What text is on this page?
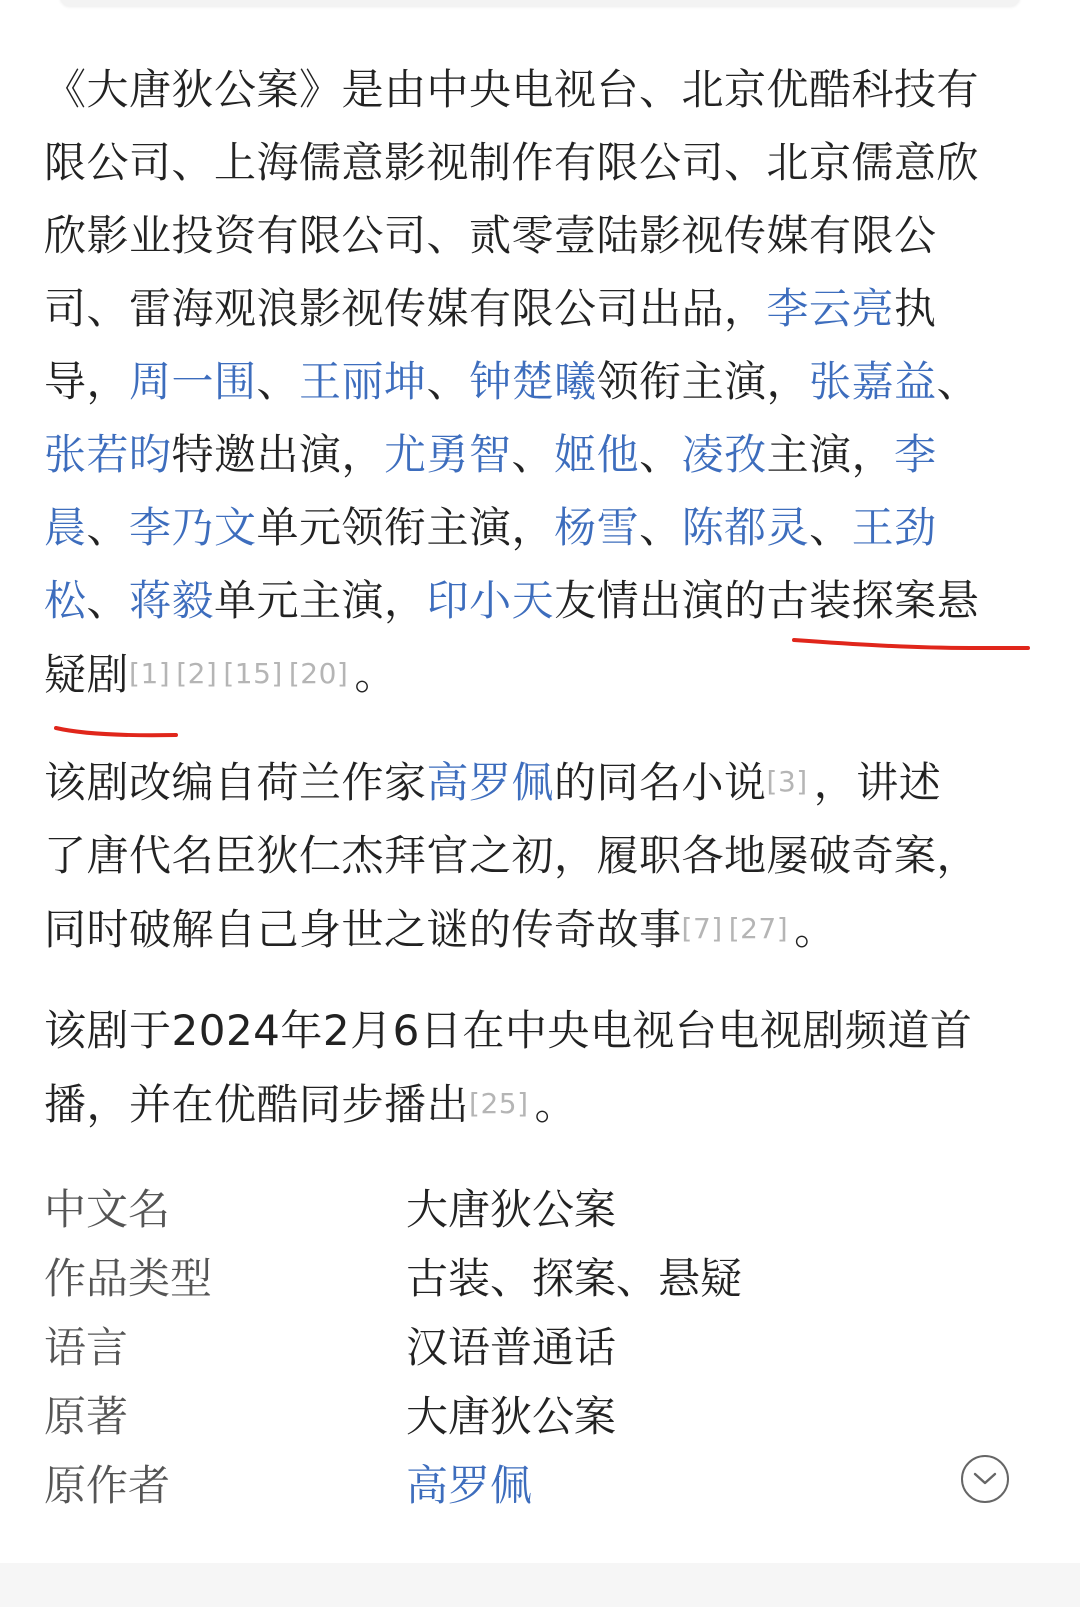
《大唐狄公案》是由中央电视台、北京优酷科技有
限公司、上海儒意影视制作有限公司、北京儒意欣
欣影业投资有限公司、贰零壹陆影视传媒有限公
司、雷海观浪影视传媒有限公司出品，李云亮执
导，周一围、王丽坤、钟楚曦领衔主演，张嘉益、
张若昀特邀出演，尤勇智、姬他、凌孜主演，李
晨、李乃文单元领衔主演，杨雪、陈都灵、王劲
松、蒋毅单元主演，印小天友情出演的古装探案悬
疑剧[1] [2] [15] [20] 。
该剧改编自荷兰作家高罗佩的同名小说[3] ，讲述
了唐代名臣狄仁杰拜官之初，履职各地屡破奇案，
同时破解自己身世之谜的传奇故事[7] [27] 。
该剧于2024年2月6日在中央电视台电视剧频道首
播，并在优酷同步播出[25] 。
中文名	大唐狄公案
作品类型	古装、探案、悬疑
语言	汉语普通话
原著	大唐狄公案
原作者	高罗佩
